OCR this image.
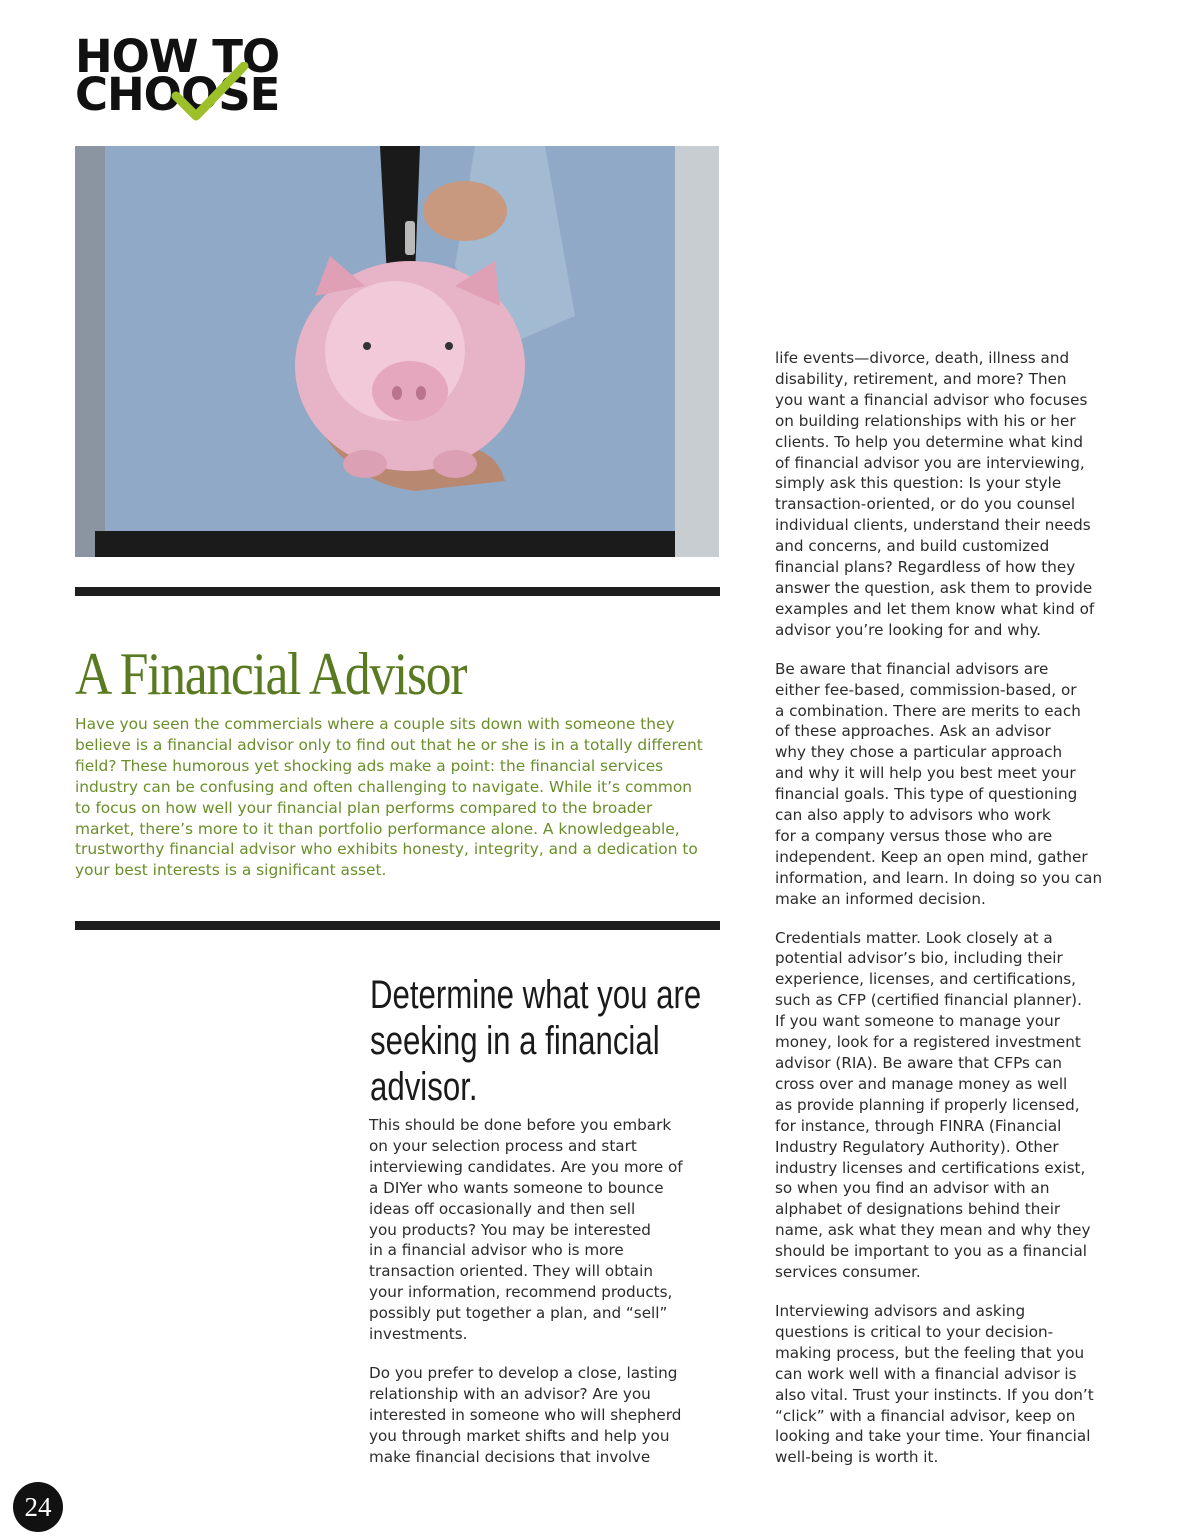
HOW TO
CHOOSE
A Financial Advisor
Have you seen the commercials where a couple sits down with someone they
believe is a financial advisor only to find out that he or she is in a totally different
field? These humorous yet shocking ads make a point: the financial services
industry can be confusing and often challenging to navigate. While it’s common
to focus on how well your financial plan performs compared to the broader
market, there’s more to it than portfolio performance alone. A knowledgeable,
trustworthy financial advisor who exhibits honesty, integrity, and a dedication to
your best interests is a significant asset.
Determine what you are
seeking in a financial
advisor.

This should be done before you embark
on your selection process and start
interviewing candidates. Are you more of
a DIYer who wants someone to bounce
ideas off occasionally and then sell
you products? You may be interested
in a financial advisor who is more
transaction oriented. They will obtain
your information, recommend products,
possibly put together a plan, and “sell”
investments.

Do you prefer to develop a close, lasting
relationship with an advisor? Are you
interested in someone who will shepherd
you through market shifts and help you
make financial decisions that involve

life events—divorce, death, illness and
disability, retirement, and more? Then
you want a financial advisor who focuses
on building relationships with his or her
clients. To help you determine what kind
of financial advisor you are interviewing,
simply ask this question: Is your style
transaction-oriented, or do you counsel
individual clients, understand their needs
and concerns, and build customized
financial plans? Regardless of how they
answer the question, ask them to provide
examples and let them know what kind of
advisor you’re looking for and why.

Be aware that financial advisors are
either fee-based, commission-based, or
a combination. There are merits to each
of these approaches. Ask an advisor
why they chose a particular approach
and why it will help you best meet your
financial goals. This type of questioning
can also apply to advisors who work
for a company versus those who are
independent. Keep an open mind, gather
information, and learn. In doing so you can
make an informed decision.

Credentials matter. Look closely at a
potential advisor’s bio, including their
experience, licenses, and certifications,
such as CFP (certified financial planner).
If you want someone to manage your
money, look for a registered investment
advisor (RIA). Be aware that CFPs can
cross over and manage money as well
as provide planning if properly licensed,
for instance, through FINRA (Financial
Industry Regulatory Authority). Other
industry licenses and certifications exist,
so when you find an advisor with an
alphabet of designations behind their
name, ask what they mean and why they
should be important to you as a financial
services consumer.

Interviewing advisors and asking
questions is critical to your decision-
making process, but the feeling that you
can work well with a financial advisor is
also vital. Trust your instincts. If you don’t
“click” with a financial advisor, keep on
looking and take your time. Your financial
well-being is worth it.

24
